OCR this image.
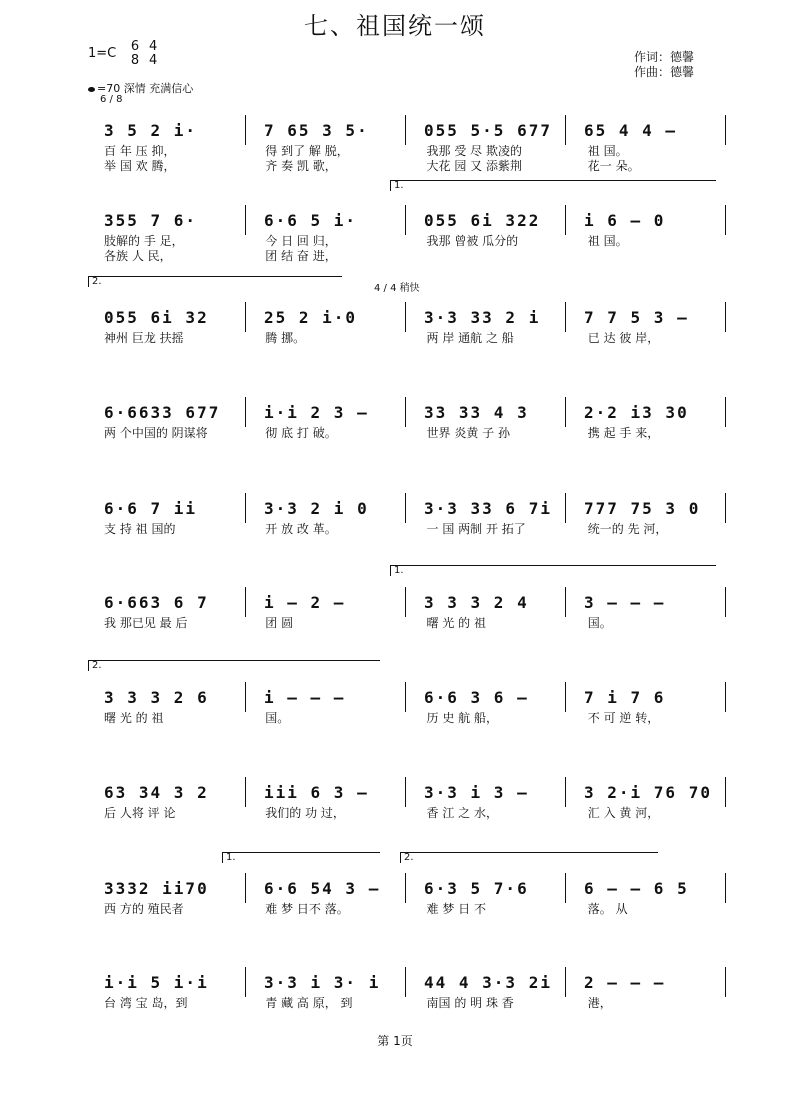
七、祖国统一颂
1=C 6
8

4
4
=70 深情 充满信心
作词：德馨
作曲：德馨
6 / 8
4 / 4 稍快
1.
2.
1.
2.
1.	2.
3 5 2 i·	7 65 3 5·	055 5·5 677	65 4 4 –
百 年 压 抑，	得 到了 解 脱，	我那 受 尽 欺凌的	祖 国。
举 国 欢 腾，	齐 奏 凯 歌，	大花 园 又 添紫荆	花一 朵。
355 7 6·	6·6 5 i·	055 6i 322	i 6 – 0
肢解的 手 足，	今 日 回 归，	我那 曾被 瓜分的	祖 国。
各族 人 民，	团 结 奋 进，
055 6i 32	25 2 i·0	3·3 33 2 i	7 7 5 3 –
神州 巨龙 扶摇	腾 挪。	两 岸 通航 之 船	已 达 彼 岸，
6·6633 677	i·i 2 3 –	33 33 4 3	2·2 i3 30
两 个中国的 阴谋将	彻 底 打 破。	世界 炎黄 子 孙	携 起 手 来，
6·6 7 ii	3·3 2 i 0	3·3 33 6 7i	777 75 3 0
支 持 祖 国的	开 放 改 革。	一 国 两制 开 拓了	统一的 先 河，
6·663 6 7	i – 2 –	3 3 3 2 4	3 – – –
我 那已见 最 后	团 圆	曙 光 的 祖	国。
3 3 3 2 6	i – – –	6·6 3 6 –	7 i 7 6
曙 光 的 祖	国。	历 史 航 船，	不 可 逆 转，
63 34 3 2	iii 6 3 –	3·3 i 3 –	3 2·i 76 70
后 人将 评 论	我们的 功 过，	香 江 之 水，	汇 入 黄 河，
3332 ii70	6·6 54 3 –	6·3 5 7·6	6 – – 6 5
西 方的 殖民者	难 梦 日不 落。	难 梦 日 不	落。 从
i·i 5 i·i	3·3 i 3· i	44 4 3·3 2i	2 – – –
台 湾 宝 岛，到	青 藏 高 原， 到	南国 的 明 珠 香	港，
第 1页
